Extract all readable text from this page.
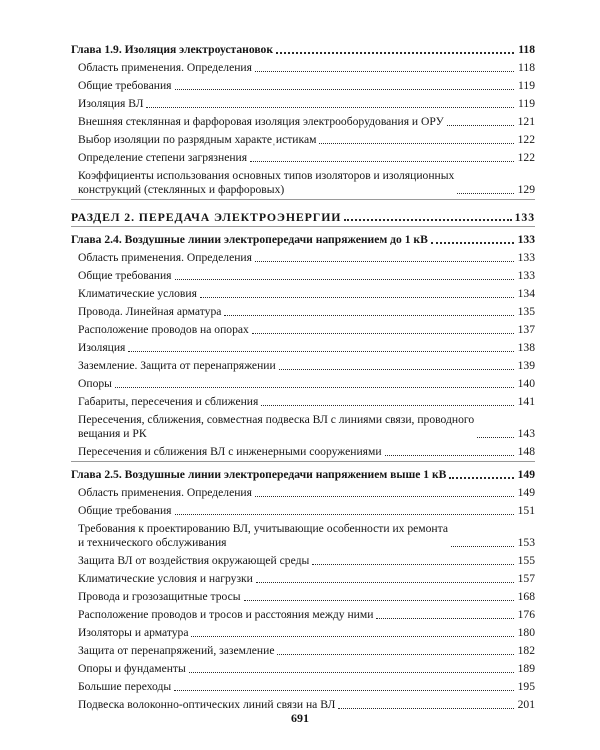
Глава 1.9. Изоляция электроустановок	118
Область применения. Определения	118
Общие требования	119
Изоляция ВЛ	119
Внешняя стеклянная и фарфоровая изоляция электрооборудования и ОРУ	121
Выбор изоляции по разрядным характеˌистикам	122
Определение степени загрязнения	122
Коэффициенты использования основных типов изоляторов и изоляционных
конструкций (стеклянных и фарфоровых)	129
РАЗДЕЛ 2. ПЕРЕДАЧА ЭЛЕКТРОЭНЕРГИИ	133
Глава 2.4. Воздушные линии электропередачи напряжением до 1 кВ	133
Область применения. Определения	133
Общие требования	133
Климатические условия	134
Провода. Линейная арматура	135
Расположение проводов на опорах	137
Изоляция	138
Заземление. Защита от перенапряжении	139
Опоры	140
Габариты, пересечения и сближения	141
Пересечения, сближения, совместная подвеска ВЛ с линиями связи, проводного
вещания и РК	143
Пересечения и сближения ВЛ с инженерными сооружениями	148
Глава 2.5. Воздушные линии электропередачи напряжением выше 1 кВ	149
Область применения. Определения	149
Общие требования	151
Требования к проектированию ВЛ, учитывающие особенности их ремонта
и технического обслуживания	153
Защита ВЛ от воздействия окружающей среды	155
Климатические условия и нагрузки	157
Провода и грозозащитные тросы	168
Расположение проводов и тросов и расстояния между ними	176
Изоляторы и арматура	180
Защита от перенапряжений, заземление	182
Опоры и фундаменты	189
Большие переходы	195
Подвеска волоконно-оптических линий связи на ВЛ	201
691
